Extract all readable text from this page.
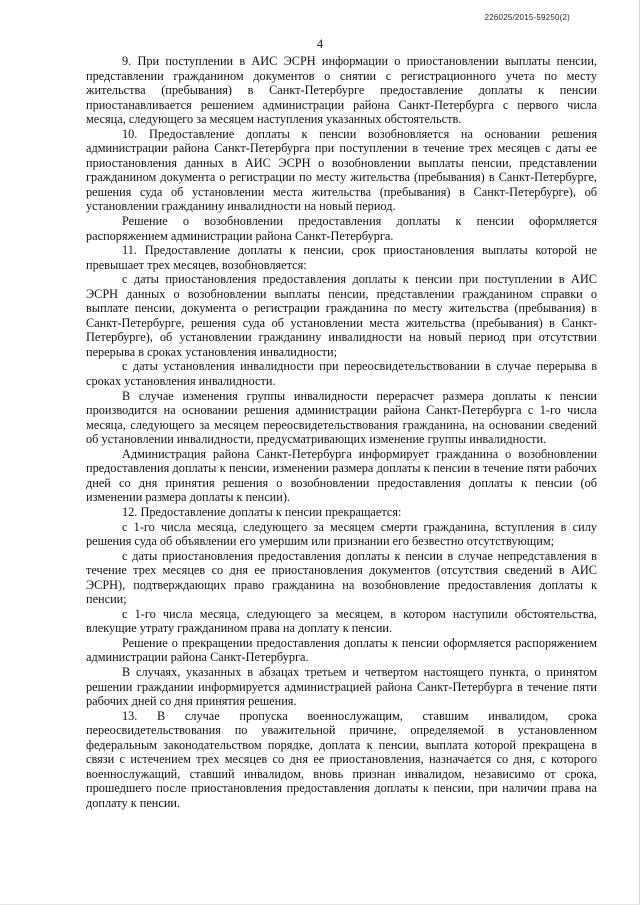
226025/2015-59250(2)
4

9. При поступлении в АИС ЭСРН информации о приостановлении выплаты пенсии, представлении гражданином документов о снятии с регистрационного учета по месту жительства (пребывания) в Санкт-Петербурге предоставление доплаты к пенсии приостанавливается решением администрации района Санкт-Петербурга с первого числа месяца, следующего за месяцем наступления указанных обстоятельств.

10. Предоставление доплаты к пенсии возобновляется на основании решения администрации района Санкт-Петербурга при поступлении в течение трех месяцев с даты ее приостановления данных в АИС ЭСРН о возобновлении выплаты пенсии, представлении гражданином документа о регистрации по месту жительства (пребывания) в Санкт-Петербурге, решения суда об установлении места жительства (пребывания) в Санкт-Петербурге), об установлении гражданину инвалидности на новый период.

Решение о возобновлении предоставления доплаты к пенсии оформляется распоряжением администрации района Санкт-Петербурга.

11. Предоставление доплаты к пенсии, срок приостановления выплаты которой не превышает трех месяцев, возобновляется:

с даты приостановления предоставления доплаты к пенсии при поступлении в АИС ЭСРН данных о возобновлении выплаты пенсии, представлении гражданином справки о выплате пенсии, документа о регистрации гражданина по месту жительства (пребывания) в Санкт-Петербурге, решения суда об установлении места жительства (пребывания) в Санкт-Петербурге), об установлении гражданину инвалидности на новый период при отсутствии перерыва в сроках установления инвалидности;

с даты установления инвалидности при переосвидетельствовании в случае перерыва в сроках установления инвалидности.

В случае изменения группы инвалидности перерасчет размера доплаты к пенсии производится на основании решения администрации района Санкт-Петербурга с 1-го числа месяца, следующего за месяцем переосвидетельствования гражданина, на основании сведений об установлении инвалидности, предусматривающих изменение группы инвалидности.

Администрация района Санкт-Петербурга информирует гражданина о возобновлении предоставления доплаты к пенсии, изменении размера доплаты к пенсии в течение пяти рабочих дней со дня принятия решения о возобновлении предоставления доплаты к пенсии (об изменении размера доплаты к пенсии).

12. Предоставление доплаты к пенсии прекращается:

с 1-го числа месяца, следующего за месяцем смерти гражданина, вступления в силу решения суда об объявлении его умершим или признании его безвестно отсутствующим;

с даты приостановления предоставления доплаты к пенсии в случае непредставления в течение трех месяцев со дня ее приостановления документов (отсутствия сведений в АИС ЭСРН), подтверждающих право гражданина на возобновление предоставления доплаты к пенсии;

с 1-го числа месяца, следующего за месяцем, в котором наступили обстоятельства, влекущие утрату гражданином права на доплату к пенсии.

Решение о прекращении предоставления доплаты к пенсии оформляется распоряжением администрации района Санкт-Петербурга.

В случаях, указанных в абзацах третьем и четвертом настоящего пункта, о принятом решении граждании информируется администрацией района Санкт-Петербурга в течение пяти рабочих дней со дня принятия решения.

13. В случае пропуска военнослужащим, ставшим инвалидом, срока переосвидетельствования по уважительной причине, определяемой в установленном федеральным законодательством порядке, доплата к пенсии, выплата которой прекращена в связи с истечением трех месяцев со дня ее приостановления, назначается со дня, с которого военнослужащий, ставший инвалидом, вновь признан инвалидом, независимо от срока, прошедшего после приостановления предоставления доплаты к пенсии, при наличии права на доплату к пенсии.
